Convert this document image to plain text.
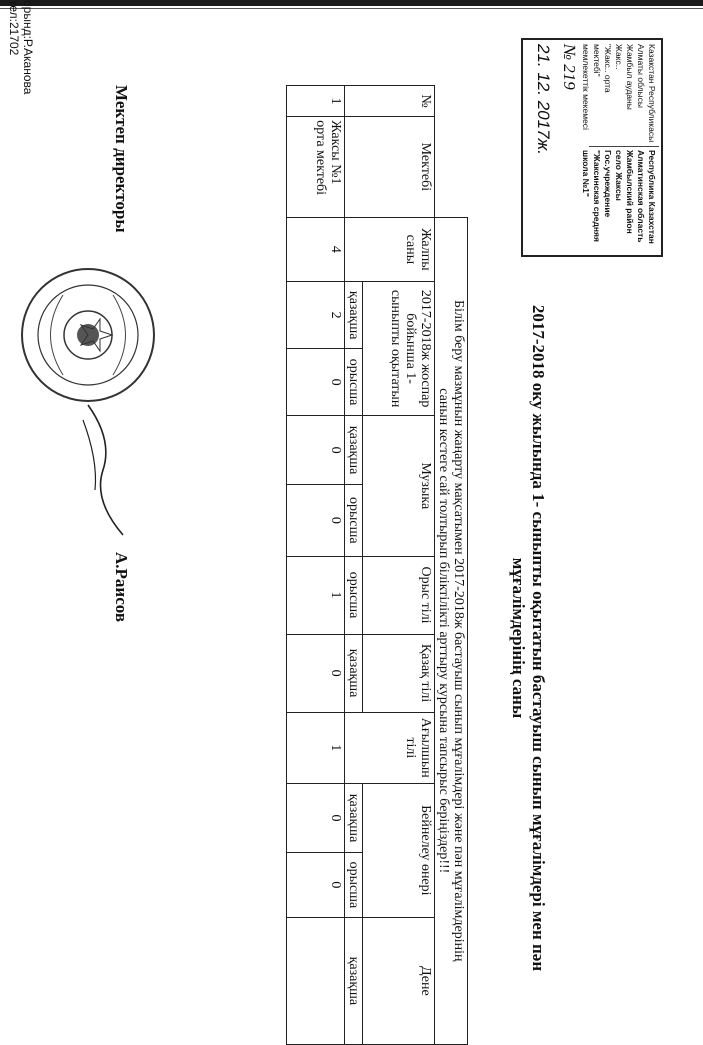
Казакстан Республикасы
Алматы облысы
Жамбыл ауданы
Жакс..
"Жакс.. орта
мектебi"
мемлекеттік мекемесі
Республика Казахстан
Алматинская область
Жамбылский район
село Жаксы
Гос.учреждение
"Жаксинская средняя
школа №1"
№ 219
21. 12. 2017ж.
2017-2018 оку жылында 1- сыныпты оқытатын бастауыш сынып мұғалімдері мен пән
мұғалімдерінің саны

		Білім беру мазмұнын жаңарту мақсатымен 2017-2018ж бастауыш сынып мұғалімдері және пән мұғалімдерінің
санын кестеге сай толтырып біліктілікті арттыру курсына тапсырыс беріңіздер!!!										

№	Мектебі	Жалпы саны	2017-2018ж жоспар бойынша 1- сыныпты оқытатын		Музыка		Орыс тілі	Қазақ тілі	Ағылшын тілі	Бейнелеу өнері		Дене
			қазақша	орысша	қазақша	орысша	орысша	қазақша		қазақша	орысша	қазақша
1	Жаксы №1 орта мектебі	4	2	0	0	0	1	0	1	0	0	
Мектеп директоры
А.Раисов
орынд:Р.Аканова
тел:21702
